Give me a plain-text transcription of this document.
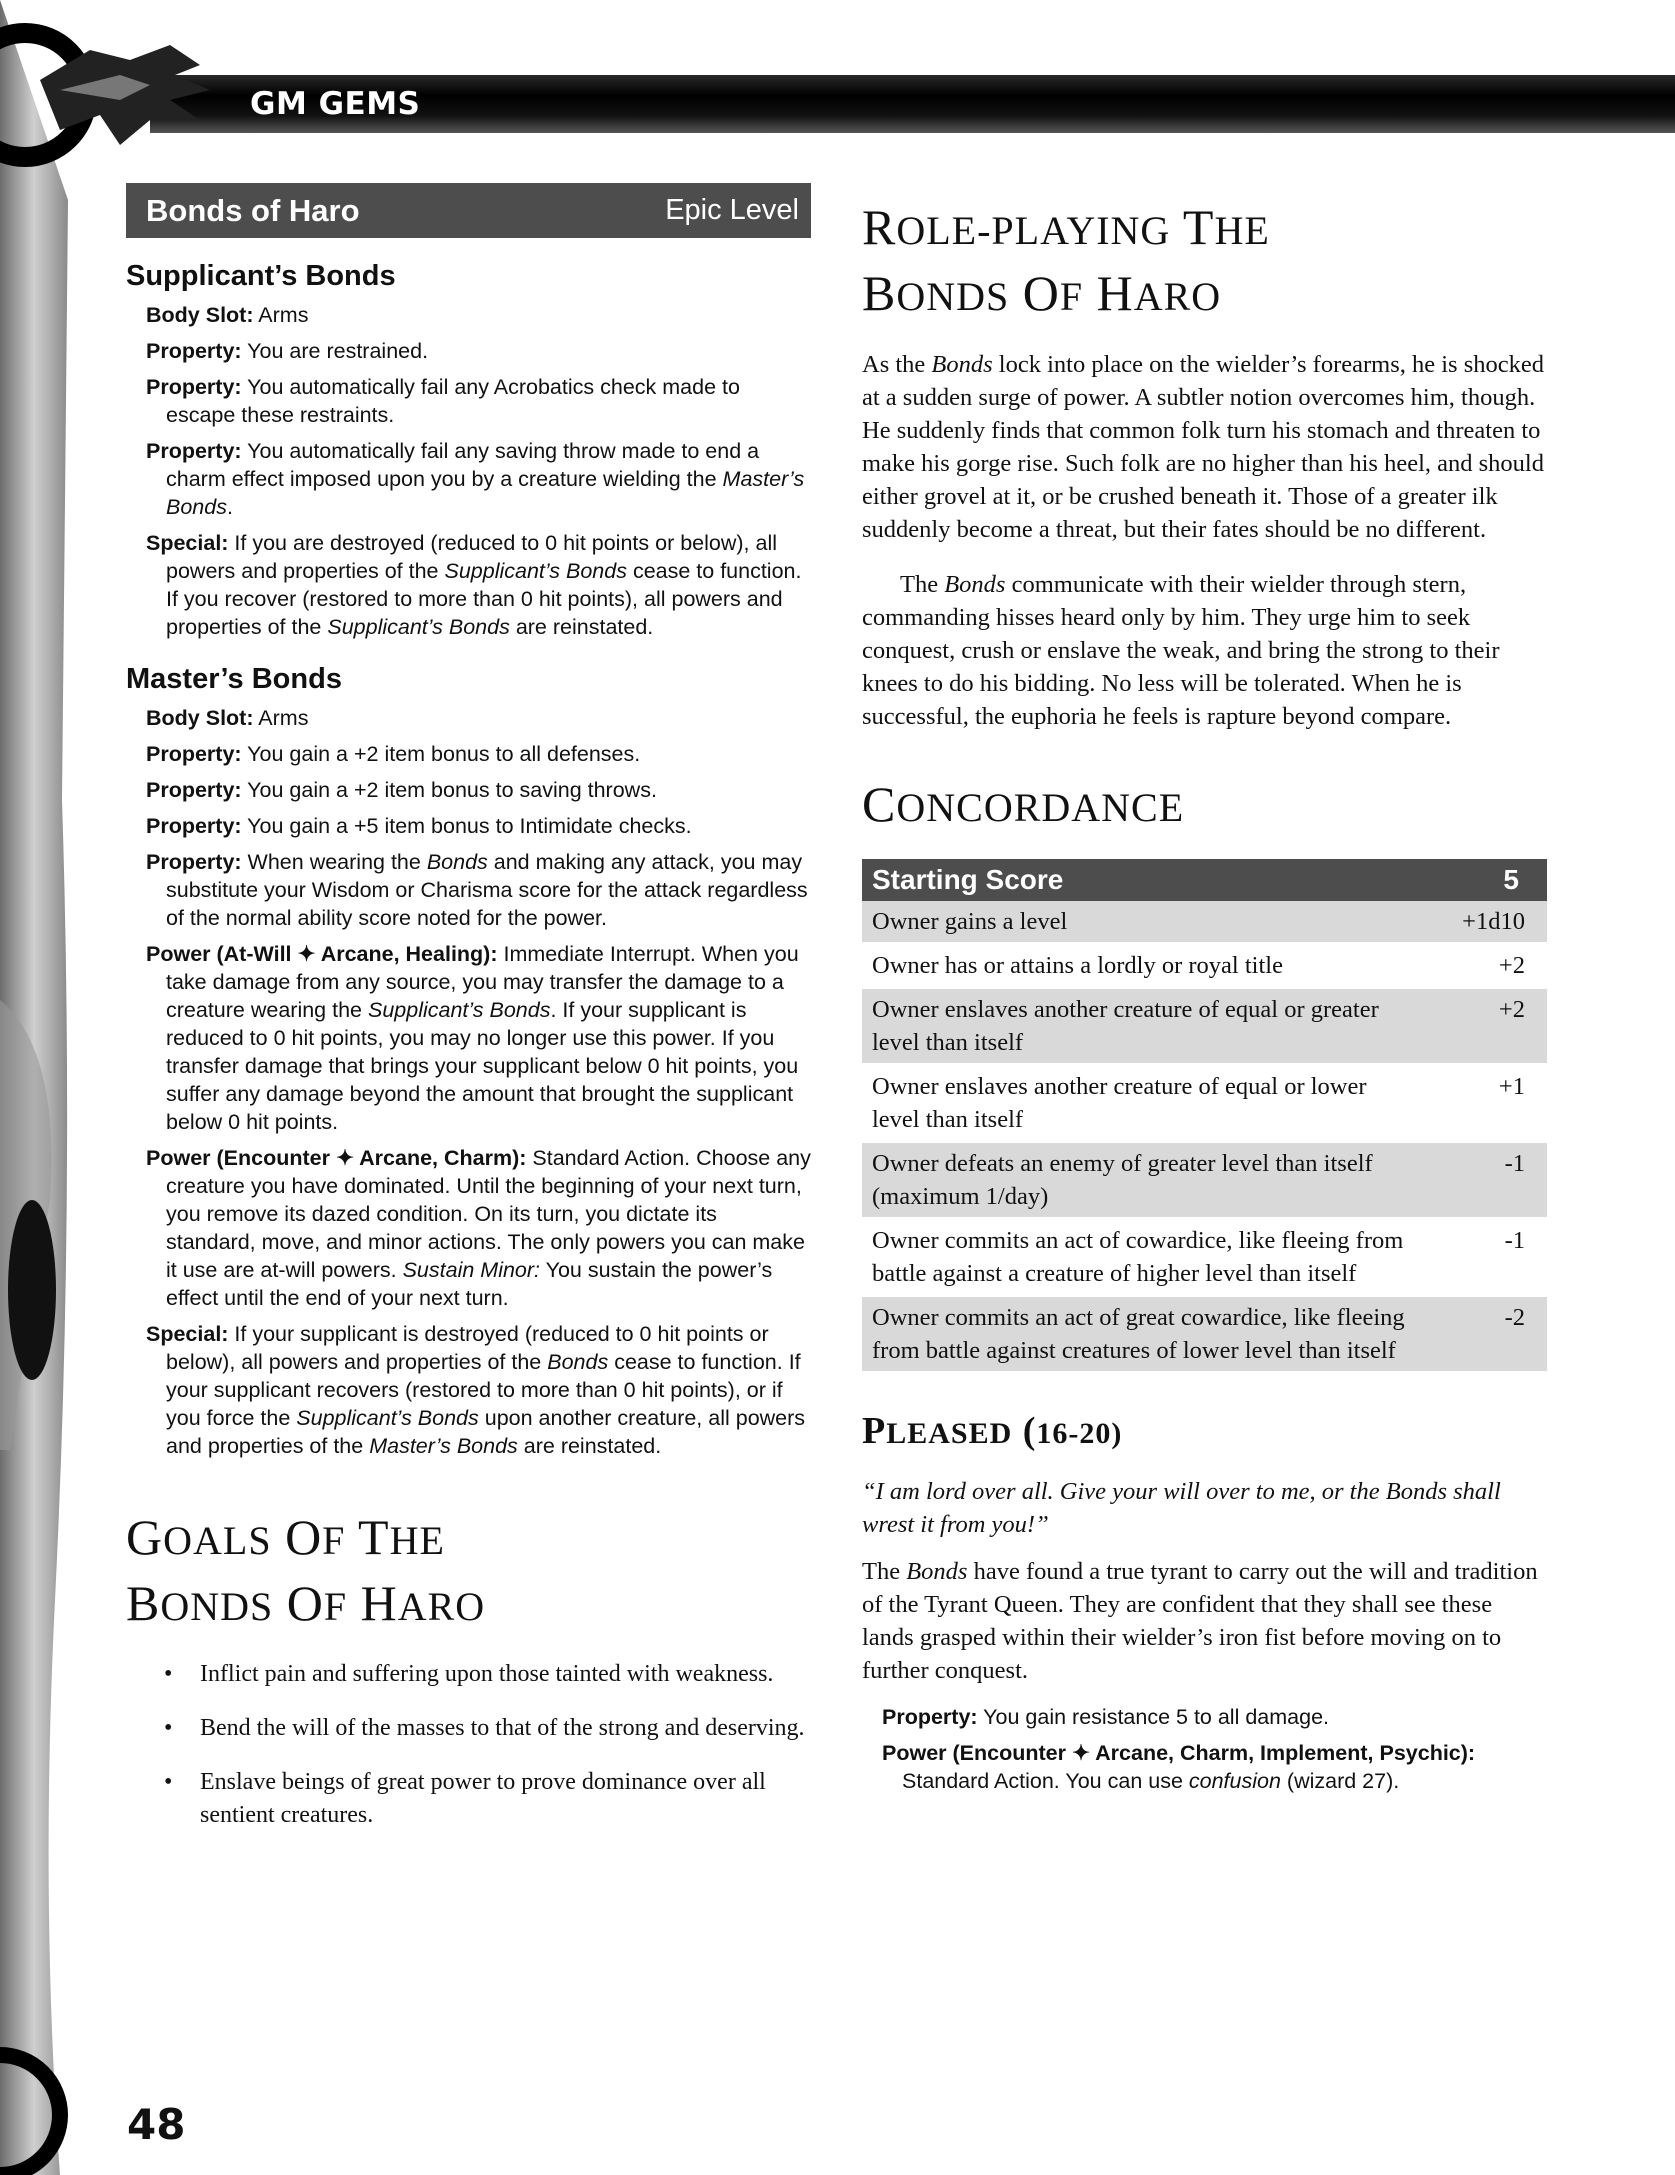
GM GEMS
Bonds of Haro	Epic Level
Supplicant’s Bonds
Body Slot: Arms
Property: You are restrained.
Property: You automatically fail any Acrobatics check made to escape these restraints.
Property: You automatically fail any saving throw made to end a charm effect imposed upon you by a creature wielding the Master’s Bonds.
Special: If you are destroyed (reduced to 0 hit points or below), all powers and properties of the Supplicant’s Bonds cease to function. If you recover (restored to more than 0 hit points), all powers and properties of the Supplicant’s Bonds are reinstated.
Master’s Bonds
Body Slot: Arms
Property: You gain a +2 item bonus to all defenses.
Property: You gain a +2 item bonus to saving throws.
Property: You gain a +5 item bonus to Intimidate checks.
Property: When wearing the Bonds and making any attack, you may substitute your Wisdom or Charisma score for the attack regardless of the normal ability score noted for the power.
Power (At-Will ✦ Arcane, Healing): Immediate Interrupt. When you take damage from any source, you may transfer the damage to a creature wearing the Supplicant’s Bonds. If your supplicant is reduced to 0 hit points, you may no longer use this power. If you transfer damage that brings your supplicant below 0 hit points, you suffer any damage beyond the amount that brought the supplicant below 0 hit points.
Power (Encounter ✦ Arcane, Charm): Standard Action. Choose any creature you have dominated. Until the beginning of your next turn, you remove its dazed condition. On its turn, you dictate its standard, move, and minor actions. The only powers you can make it use are at-will powers. Sustain Minor: You sustain the power’s effect until the end of your next turn.
Special: If your supplicant is destroyed (reduced to 0 hit points or below), all powers and properties of the Bonds cease to function. If your supplicant recovers (restored to more than 0 hit points), or if you force the Supplicant’s Bonds upon another creature, all powers and properties of the Master’s Bonds are reinstated.
GOALS OF THE
BONDS OF HARO
• Inflict pain and suffering upon those tainted with weakness.
• Bend the will of the masses to that of the strong and deserving.
• Enslave beings of great power to prove dominance over all sentient creatures.
ROLE-PLAYING THE
BONDS OF HARO

As the Bonds lock into place on the wielder’s forearms, he is shocked at a sudden surge of power. A subtler notion overcomes him, though. He suddenly finds that common folk turn his stomach and threaten to make his gorge rise. Such folk are no higher than his heel, and should either grovel at it, or be crushed beneath it. Those of a greater ilk suddenly become a threat, but their fates should be no different.

The Bonds communicate with their wielder through stern, commanding hisses heard only by him. They urge him to seek conquest, crush or enslave the weak, and bring the strong to their knees to do his bidding. No less will be tolerated. When he is successful, the euphoria he feels is rapture beyond compare.

CONCORDANCE
Starting Score	5
Owner gains a level	+1d10
Owner has or attains a lordly or royal title	+2
Owner enslaves another creature of equal or greater level than itself	+2
Owner enslaves another creature of equal or lower level than itself	+1
Owner defeats an enemy of greater level than itself (maximum 1/day)	-1
Owner commits an act of cowardice, like fleeing from battle against a creature of higher level than itself	-1
Owner commits an act of great cowardice, like fleeing from battle against creatures of lower level than itself	-2
PLEASED (16-20)

“I am lord over all. Give your will over to me, or the Bonds shall wrest it from you!”

The Bonds have found a true tyrant to carry out the will and tradition of the Tyrant Queen. They are confident that they shall see these lands grasped within their wielder’s iron fist before moving on to further conquest.

Property: You gain resistance 5 to all damage.
Power (Encounter ✦ Arcane, Charm, Implement, Psychic): Standard Action. You can use confusion (wizard 27).
48
